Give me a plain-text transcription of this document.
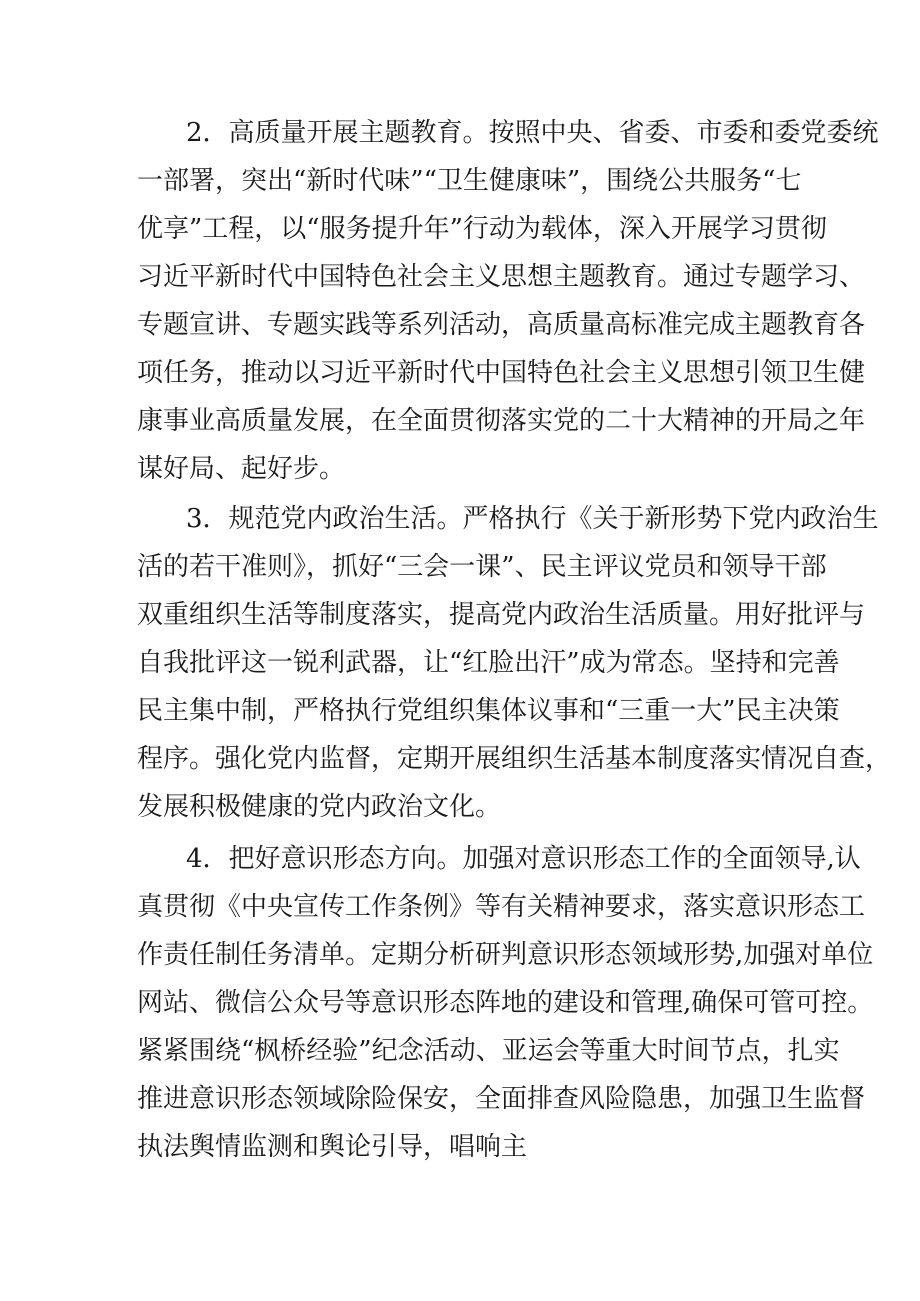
2．高质量开展主题教育。按照中央、省委、市委和委党委统
一部署，突出“新时代味”“卫生健康味”，围绕公共服务“七
优享”工程，以“服务提升年”行动为载体，深入开展学习贯彻
习近平新时代中国特色社会主义思想主题教育。通过专题学习、
专题宣讲、专题实践等系列活动，高质量高标准完成主题教育各
项任务，推动以习近平新时代中国特色社会主义思想引领卫生健
康事业高质量发展，在全面贯彻落实党的二十大精神的开局之年
谋好局、起好步。
3．规范党内政治生活。严格执行《关于新形势下党内政治生
活的若干准则》，抓好“三会一课”、民主评议党员和领导干部
双重组织生活等制度落实，提高党内政治生活质量。用好批评与
自我批评这一锐利武器，让“红脸出汗”成为常态。坚持和完善
民主集中制，严格执行党组织集体议事和“三重一大”民主决策
程序。强化党内监督，定期开展组织生活基本制度落实情况自查，
发展积极健康的党内政治文化。
4．把好意识形态方向。加强对意识形态工作的全面领导,认
真贯彻《中央宣传工作条例》等有关精神要求，落实意识形态工
作责任制任务清单。定期分析研判意识形态领域形势,加强对单位
网站、微信公众号等意识形态阵地的建设和管理,确保可管可控。
紧紧围绕“枫桥经验”纪念活动、亚运会等重大时间节点，扎实
推进意识形态领域除险保安，全面排查风险隐患，加强卫生监督
执法舆情监测和舆论引导，唱响主
